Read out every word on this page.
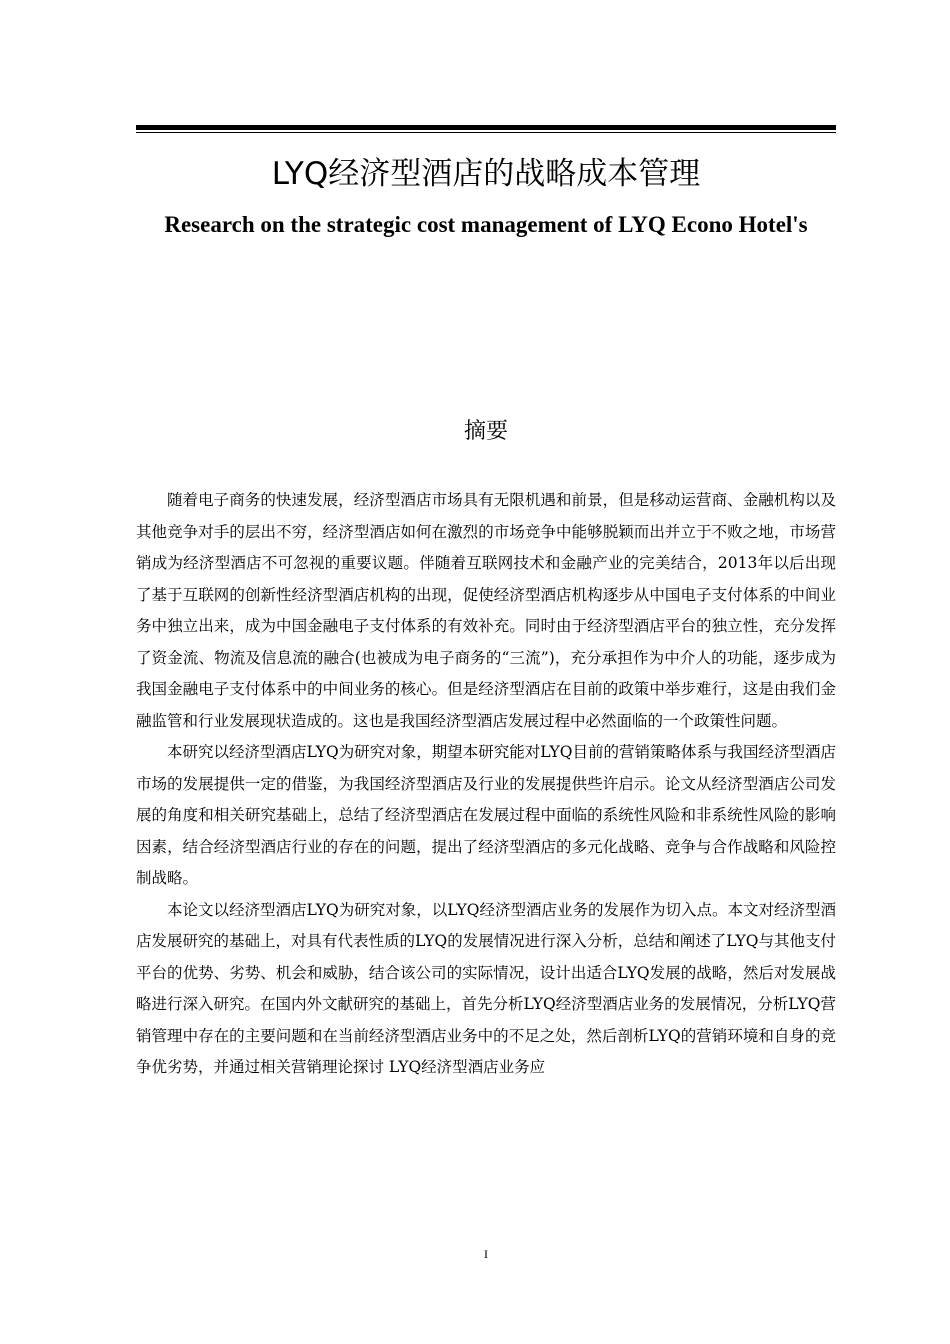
LYQ经济型酒店的战略成本管理
Research on the strategic cost management of LYQ Econo Hotel's
摘要

随着电子商务的快速发展，经济型酒店市场具有无限机遇和前景，但是移动运营商、金融机构以及其他竞争对手的层出不穷，经济型酒店如何在激烈的市场竞争中能够脱颖而出并立于不败之地，市场营销成为经济型酒店不可忽视的重要议题。伴随着互联网技术和金融产业的完美结合，2013年以后出现了基于互联网的创新性经济型酒店机构的出现，促使经济型酒店机构逐步从中国电子支付体系的中间业务中独立出来，成为中国金融电子支付体系的有效补充。同时由于经济型酒店平台的独立性，充分发挥了资金流、物流及信息流的融合(也被成为电子商务的“三流”)，充分承担作为中介人的功能，逐步成为我国金融电子支付体系中的中间业务的核心。但是经济型酒店在目前的政策中举步难行，这是由我们金融监管和行业发展现状造成的。这也是我国经济型酒店发展过程中必然面临的一个政策性问题。

本研究以经济型酒店LYQ为研究对象，期望本研究能对LYQ目前的营销策略体系与我国经济型酒店市场的发展提供一定的借鉴，为我国经济型酒店及行业的发展提供些许启示。论文从经济型酒店公司发展的角度和相关研究基础上，总结了经济型酒店在发展过程中面临的系统性风险和非系统性风险的影响因素，结合经济型酒店行业的存在的问题，提出了经济型酒店的多元化战略、竞争与合作战略和风险控制战略。

本论文以经济型酒店LYQ为研究对象，以LYQ经济型酒店业务的发展作为切入点。本文对经济型酒店发展研究的基础上，对具有代表性质的LYQ的发展情况进行深入分析，总结和阐述了LYQ与其他支付平台的优势、劣势、机会和威胁，结合该公司的实际情况，设计出适合LYQ发展的战略，然后对发展战略进行深入研究。在国内外文献研究的基础上，首先分析LYQ经济型酒店业务的发展情况，分析LYQ营销管理中存在的主要问题和在当前经济型酒店业务中的不足之处，然后剖析LYQ的营销环境和自身的竞争优劣势，并通过相关营销理论探讨 LYQ经济型酒店业务应

I
